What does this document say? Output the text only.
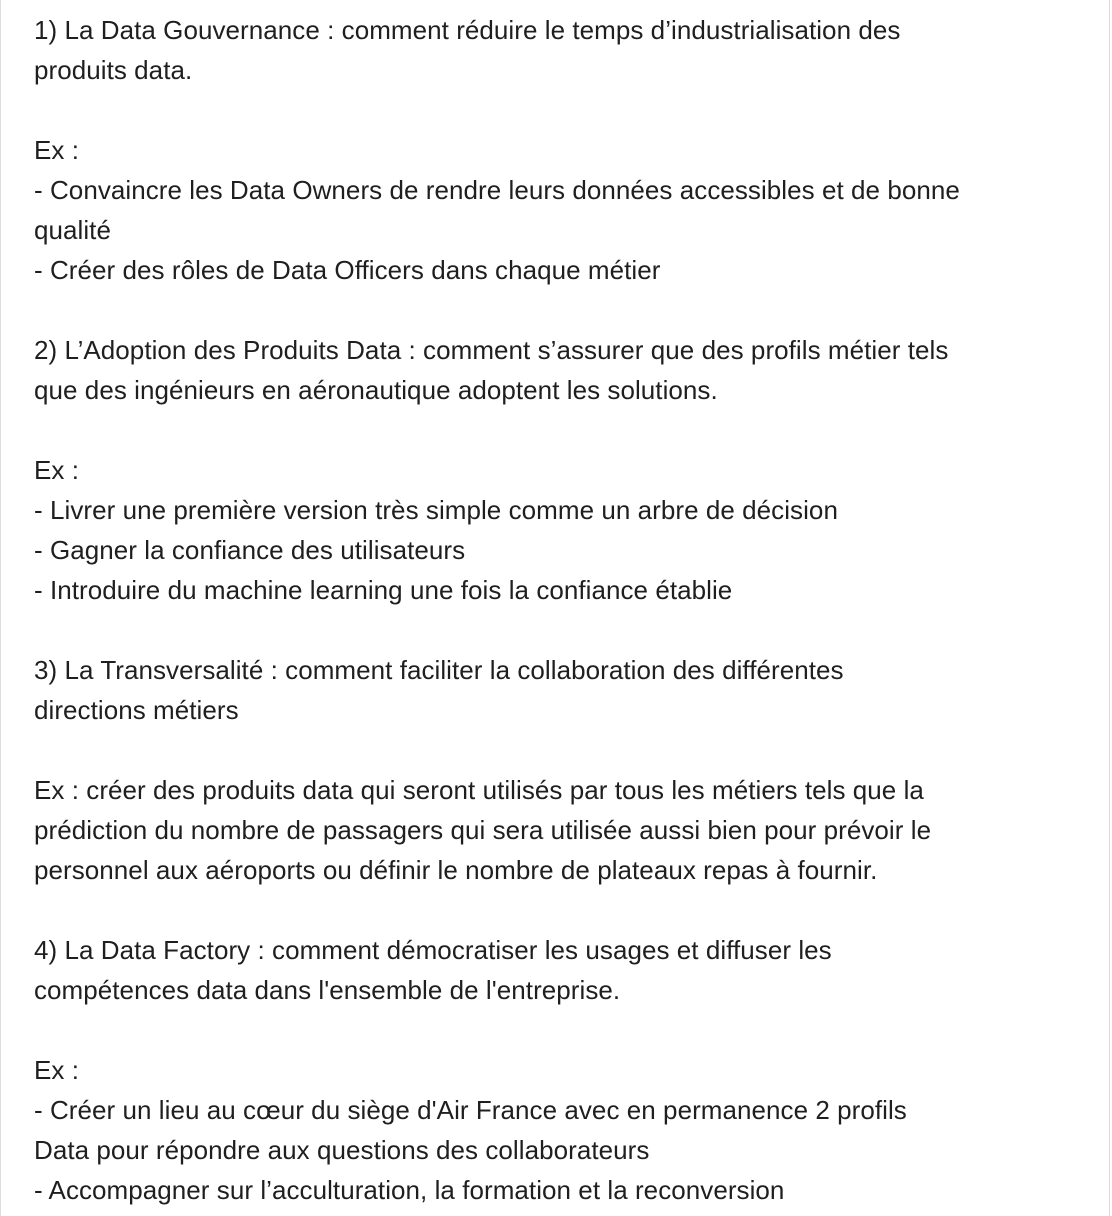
1) La Data Gouvernance : comment réduire le temps d’industrialisation des
produits data.
Ex :
- Convaincre les Data Owners de rendre leurs données accessibles et de bonne
qualité
- Créer des rôles de Data Officers dans chaque métier
2) L’Adoption des Produits Data : comment s’assurer que des profils métier tels
que des ingénieurs en aéronautique adoptent les solutions.
Ex :
- Livrer une première version très simple comme un arbre de décision
- Gagner la confiance des utilisateurs
- Introduire du machine learning une fois la confiance établie
3) La Transversalité : comment faciliter la collaboration des différentes
directions métiers
Ex : créer des produits data qui seront utilisés par tous les métiers tels que la
prédiction du nombre de passagers qui sera utilisée aussi bien pour prévoir le
personnel aux aéroports ou définir le nombre de plateaux repas à fournir.
4) La Data Factory : comment démocratiser les usages et diffuser les
compétences data dans l'ensemble de l'entreprise.
Ex :
- Créer un lieu au cœur du siège d'Air France avec en permanence 2 profils
Data pour répondre aux questions des collaborateurs
- Accompagner sur l’acculturation, la formation et la reconversion
